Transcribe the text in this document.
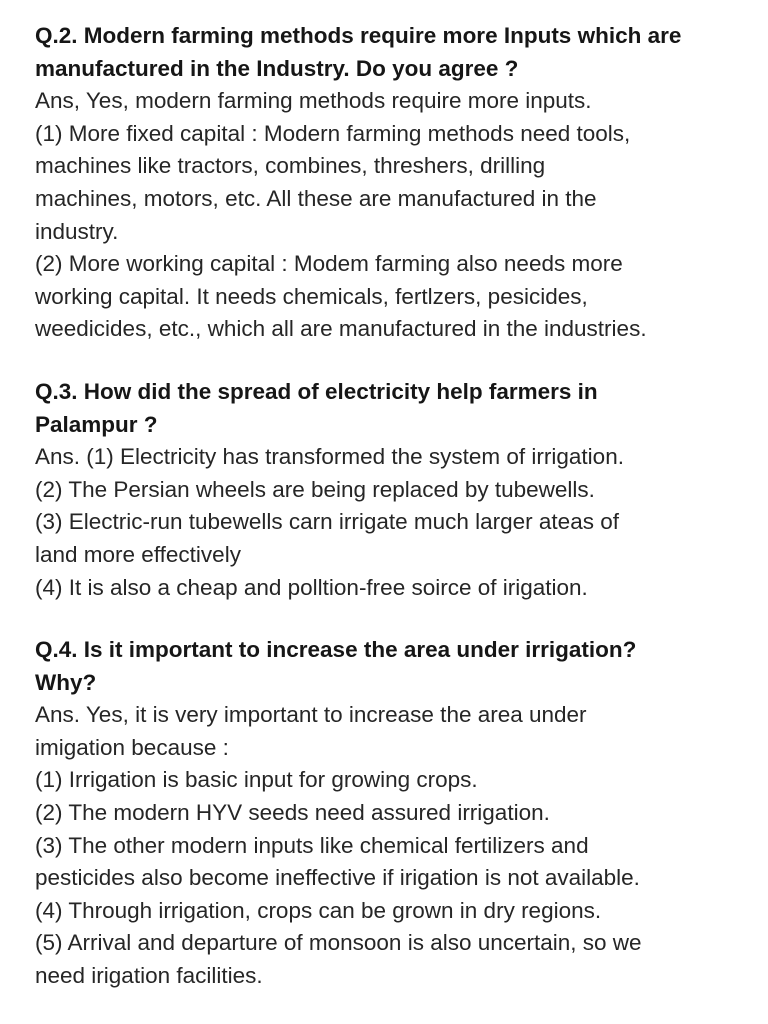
Q.2. Modern farming methods require more Inputs which are

manufactured in the Industry. Do you agree ?

Ans, Yes, modern farming methods require more inputs.

(1) More fixed capital : Modern farming methods need tools,

machines like tractors, combines, threshers, drilling

machines, motors, etc. All these are manufactured in the

industry.

(2) More working capital : Modem farming also needs more

working capital. It needs chemicals, fertlzers, pesicides,

weedicides, etc., which all are manufactured in the industries.

Q.3. How did the spread of electricity help farmers in

Palampur ?

Ans. (1) Electricity has transformed the system of irrigation.

(2) The Persian wheels are being replaced by tubewells.

(3) Electric-run tubewells carn irrigate much larger ateas of

land more effectively

(4) It is also a cheap and polltion-free soirce of irigation.

Q.4. Is it important to increase the area under irrigation?

Why?

Ans. Yes, it is very important to increase the area under

imigation because :

(1) Irrigation is basic input for growing crops.

(2) The modern HYV seeds need assured irrigation.

(3) The other modern inputs like chemical fertilizers and

pesticides also become ineffective if irigation is not available.

(4) Through irrigation, crops can be grown in dry regions.

(5) Arrival and departure of monsoon is also uncertain, so we

need irigation facilities.
